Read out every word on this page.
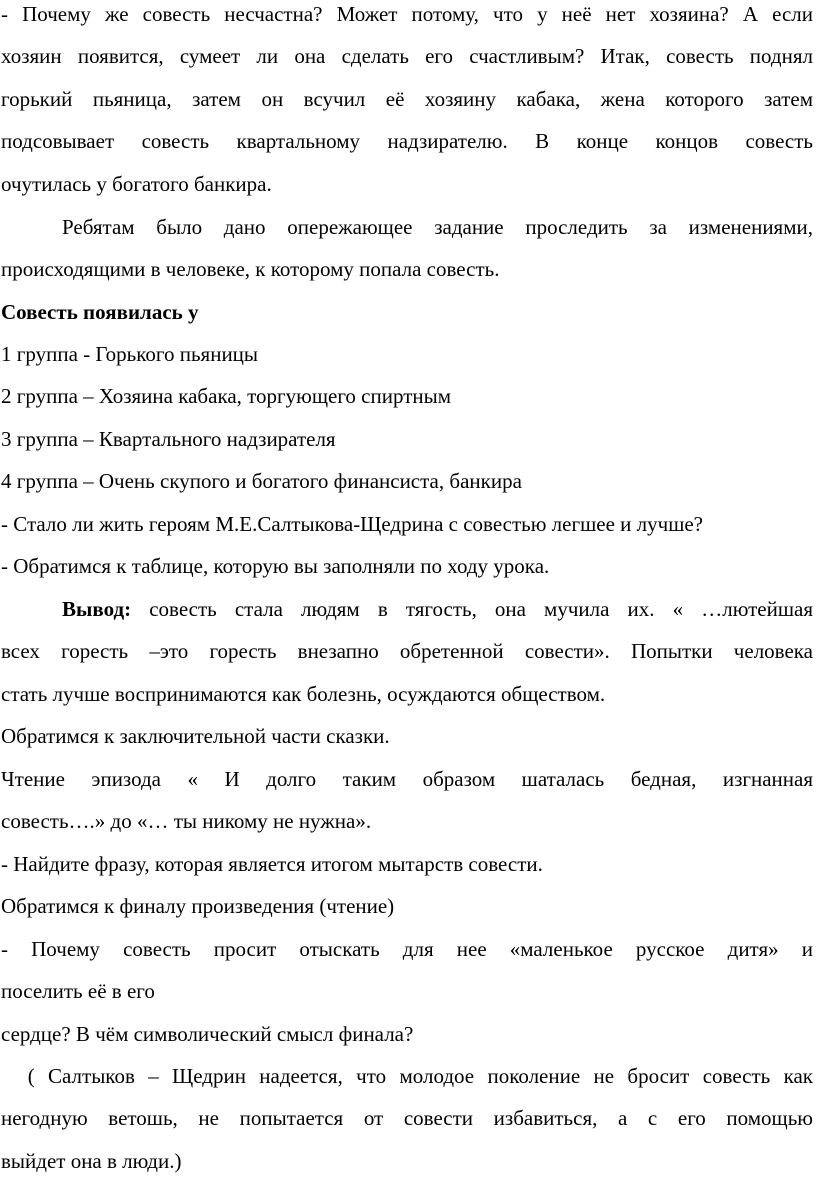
- Почему же совесть несчастна? Может потому, что у неё нет хозяина? А если
хозяин появится, сумеет ли она сделать его счастливым? Итак, совесть поднял
горький пьяница, затем он всучил её хозяину кабака, жена которого затем
подсовывает совесть квартальному надзирателю. В конце концов совесть
очутилась у богатого банкира.
Ребятам было дано опережающее задание проследить за изменениями,
происходящими в человеке, к которому попала совесть.
Совесть появилась у
1 группа - Горького пьяницы
2 группа – Хозяина кабака, торгующего спиртным
3 группа – Квартального надзирателя
4 группа – Очень скупого и богатого финансиста, банкира
- Стало ли жить героям М.Е.Салтыкова-Щедрина с совестью легшее и лучше?
- Обратимся к таблице, которую вы заполняли по ходу урока.
Вывод: совесть стала людям в тягость, она мучила их. « …лютейшая
всех горесть –это горесть внезапно обретенной совести». Попытки человека
стать лучше воспринимаются как болезнь, осуждаются обществом.
Обратимся к заключительной части сказки.
Чтение эпизода « И долго таким образом шаталась бедная, изгнанная
совесть….» до «… ты никому не нужна».
- Найдите фразу, которая является итогом мытарств совести.
Обратимся к финалу произведения (чтение)
- Почему совесть просит отыскать для нее «маленькое русское дитя» и
поселить её в его
сердце? В чём символический смысл финала?
( Салтыков – Щедрин надеется, что молодое поколение не бросит совесть как
негодную ветошь, не попытается от совести избавиться, а с его помощью
выйдет она в люди.)
